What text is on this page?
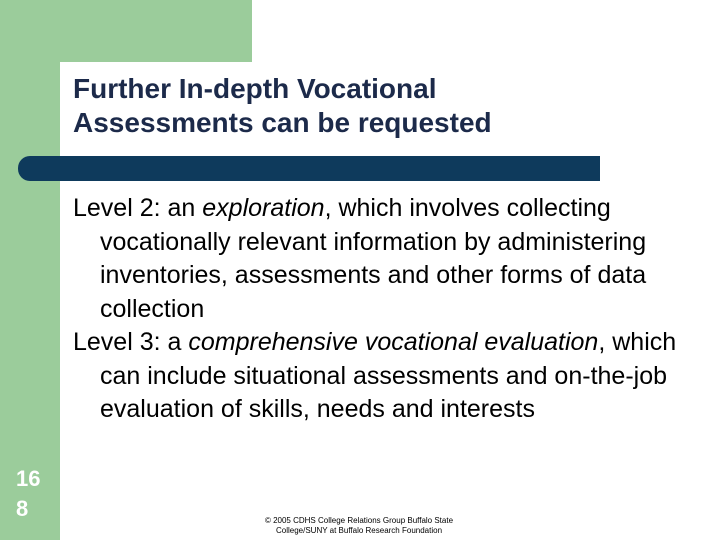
Further In-depth Vocational
Assessments can be requested

Level 2: an exploration, which involves collecting vocationally relevant information by administering inventories, assessments and other forms of data collection

Level 3: a comprehensive vocational evaluation, which can include situational assessments and on-the-job evaluation of skills, needs and interests

16
8	© 2005 CDHS College Relations Group Buffalo State
College/SUNY at Buffalo Research Foundation
